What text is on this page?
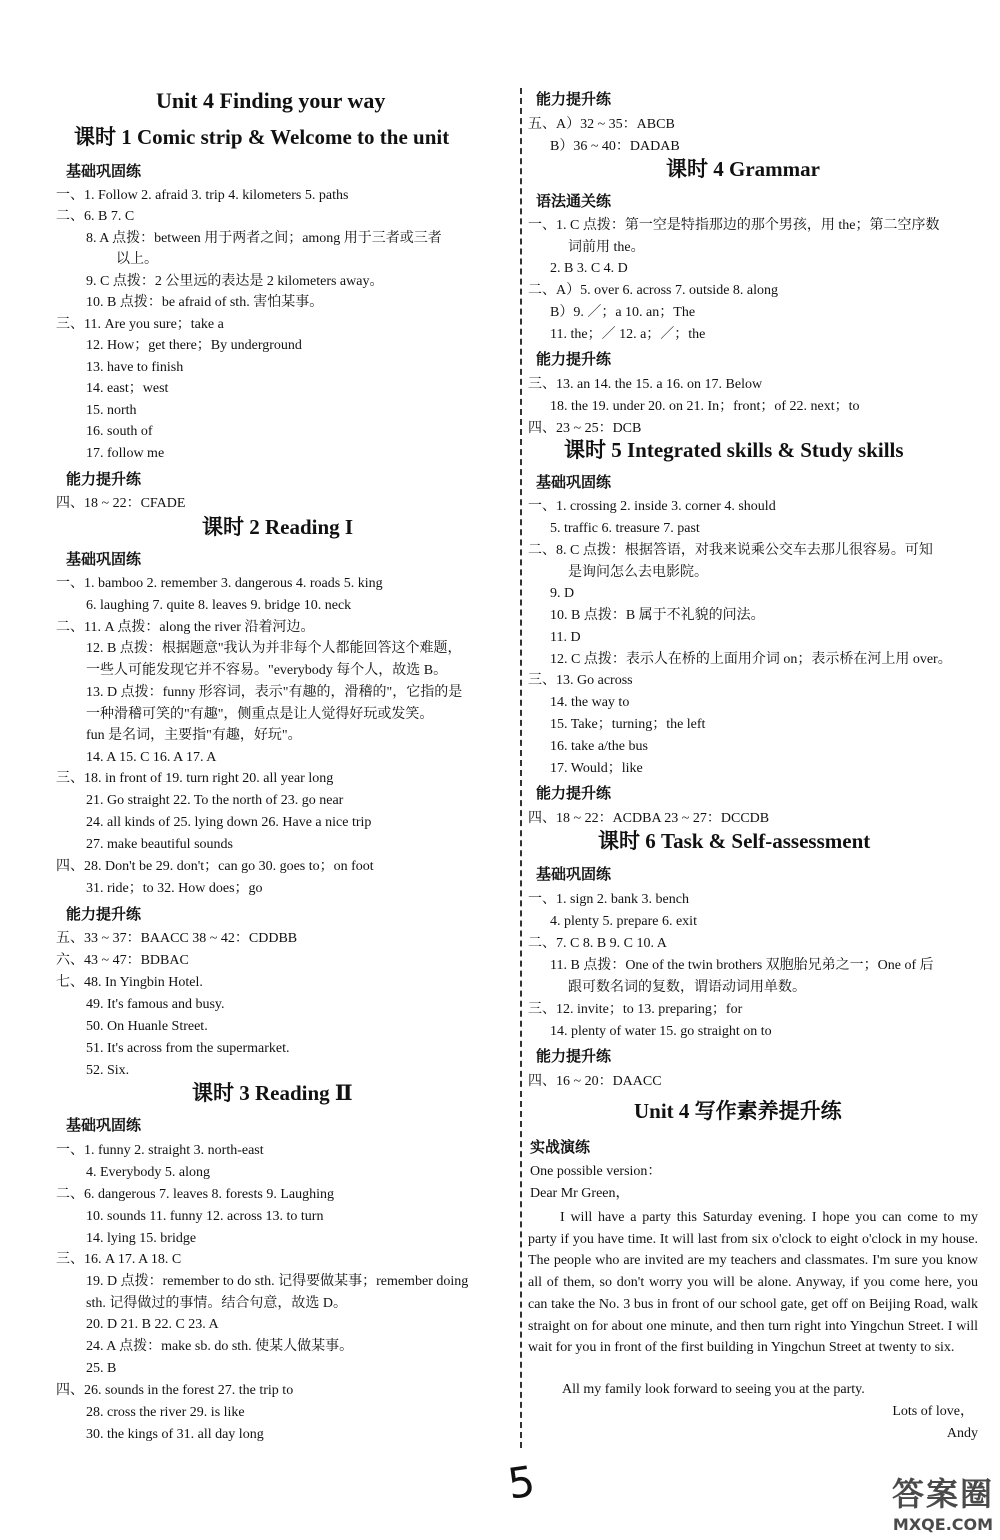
Unit 4 Finding your way
课时 1 Comic strip & Welcome to the unit
基础巩固练
一、1. Follow 2. afraid 3. trip 4. kilometers 5. paths
二、6. B 7. C
8. A 点拨：between 用于两者之间；among 用于三者或三者
以上。
9. C 点拨：2 公里远的表达是 2 kilometers away。
10. B 点拨：be afraid of sth. 害怕某事。
三、11. Are you sure；take a
12. How；get there；By underground
13. have to finish
14. east；west
15. north
16. south of
17. follow me
能力提升练
四、18 ~ 22：CFADE
课时 2 Reading I
基础巩固练
一、1. bamboo 2. remember 3. dangerous 4. roads 5. king
6. laughing 7. quite 8. leaves 9. bridge 10. neck
二、11. A 点拨：along the river 沿着河边。
12. B 点拨：根据题意"我认为并非每个人都能回答这个难题，
一些人可能发现它并不容易。"everybody 每个人，故选 B。
13. D 点拨：funny 形容词，表示"有趣的，滑稽的"，它指的是
一种滑稽可笑的"有趣"，侧重点是让人觉得好玩或发笑。
fun 是名词，主要指"有趣，好玩"。
14. A 15. C 16. A 17. A
三、18. in front of 19. turn right 20. all year long
21. Go straight 22. To the north of 23. go near
24. all kinds of 25. lying down 26. Have a nice trip
27. make beautiful sounds
四、28. Don't be 29. don't；can go 30. goes to；on foot
31. ride；to 32. How does；go
能力提升练
五、33 ~ 37：BAACC 38 ~ 42：CDDBB
六、43 ~ 47：BDBAC
七、48. In Yingbin Hotel.
49. It's famous and busy.
50. On Huanle Street.
51. It's across from the supermarket.
52. Six.
课时 3 Reading Ⅱ
基础巩固练
一、1. funny 2. straight 3. north-east
4. Everybody 5. along
二、6. dangerous 7. leaves 8. forests 9. Laughing
10. sounds 11. funny 12. across 13. to turn
14. lying 15. bridge
三、16. A 17. A 18. C
19. D 点拨：remember to do sth. 记得要做某事；remember doing
sth. 记得做过的事情。结合句意，故选 D。
20. D 21. B 22. C 23. A
24. A 点拨：make sb. do sth. 使某人做某事。
25. B
四、26. sounds in the forest 27. the trip to
28. cross the river 29. is like
30. the kings of 31. all day long
I will have a party this Saturday evening. I hope you can come to my party if you have time. It will last from six o'clock to eight o'clock in my house. The people who are invited are my teachers and classmates. I'm sure you know all of them, so don't worry you will be alone. Anyway, if you come here, you can take the No. 3 bus in front of our school gate, get off on Beijing Road, walk straight on for about one minute, and then turn right into Yingchun Street. I will wait for you in front of the first building in Yingchun Street at twenty to six.
All my family look forward to seeing you at the party.
Lots of love，
Andy
能力提升练
五、A）32 ~ 35：ABCB
B）36 ~ 40：DADAB
课时 4 Grammar
语法通关练
一、1. C 点拨：第一空是特指那边的那个男孩，用 the；第二空序数
词前用 the。
2. B 3. C 4. D
二、A）5. over 6. across 7. outside 8. along
B）9. ／；a 10. an；The
11. the；／ 12. a；／；the
能力提升练
三、13. an 14. the 15. a 16. on 17. Below
18. the 19. under 20. on 21. In；front；of 22. next；to
四、23 ~ 25：DCB
课时 5 Integrated skills & Study skills
基础巩固练
一、1. crossing 2. inside 3. corner 4. should
5. traffic 6. treasure 7. past
二、8. C 点拨：根据答语，对我来说乘公交车去那儿很容易。可知
是询问怎么去电影院。
9. D
10. B 点拨：B 属于不礼貌的问法。
11. D
12. C 点拨：表示人在桥的上面用介词 on；表示桥在河上用 over。
三、13. Go across
14. the way to
15. Take；turning；the left
16. take a/the bus
17. Would；like
能力提升练
四、18 ~ 22：ACDBA 23 ~ 27：DCCDB
课时 6 Task & Self-assessment
基础巩固练
一、1. sign 2. bank 3. bench
4. plenty 5. prepare 6. exit
二、7. C 8. B 9. C 10. A
11. B 点拨：One of the twin brothers 双胞胎兄弟之一；One of 后
跟可数名词的复数，谓语动词用单数。
三、12. invite；to 13. preparing；for
14. plenty of water 15. go straight on to
能力提升练
四、16 ~ 20：DAACC
Unit 4 写作素养提升练
实战演练
One possible version：
Dear Mr Green，
5	答案圈
MXQE.COM
